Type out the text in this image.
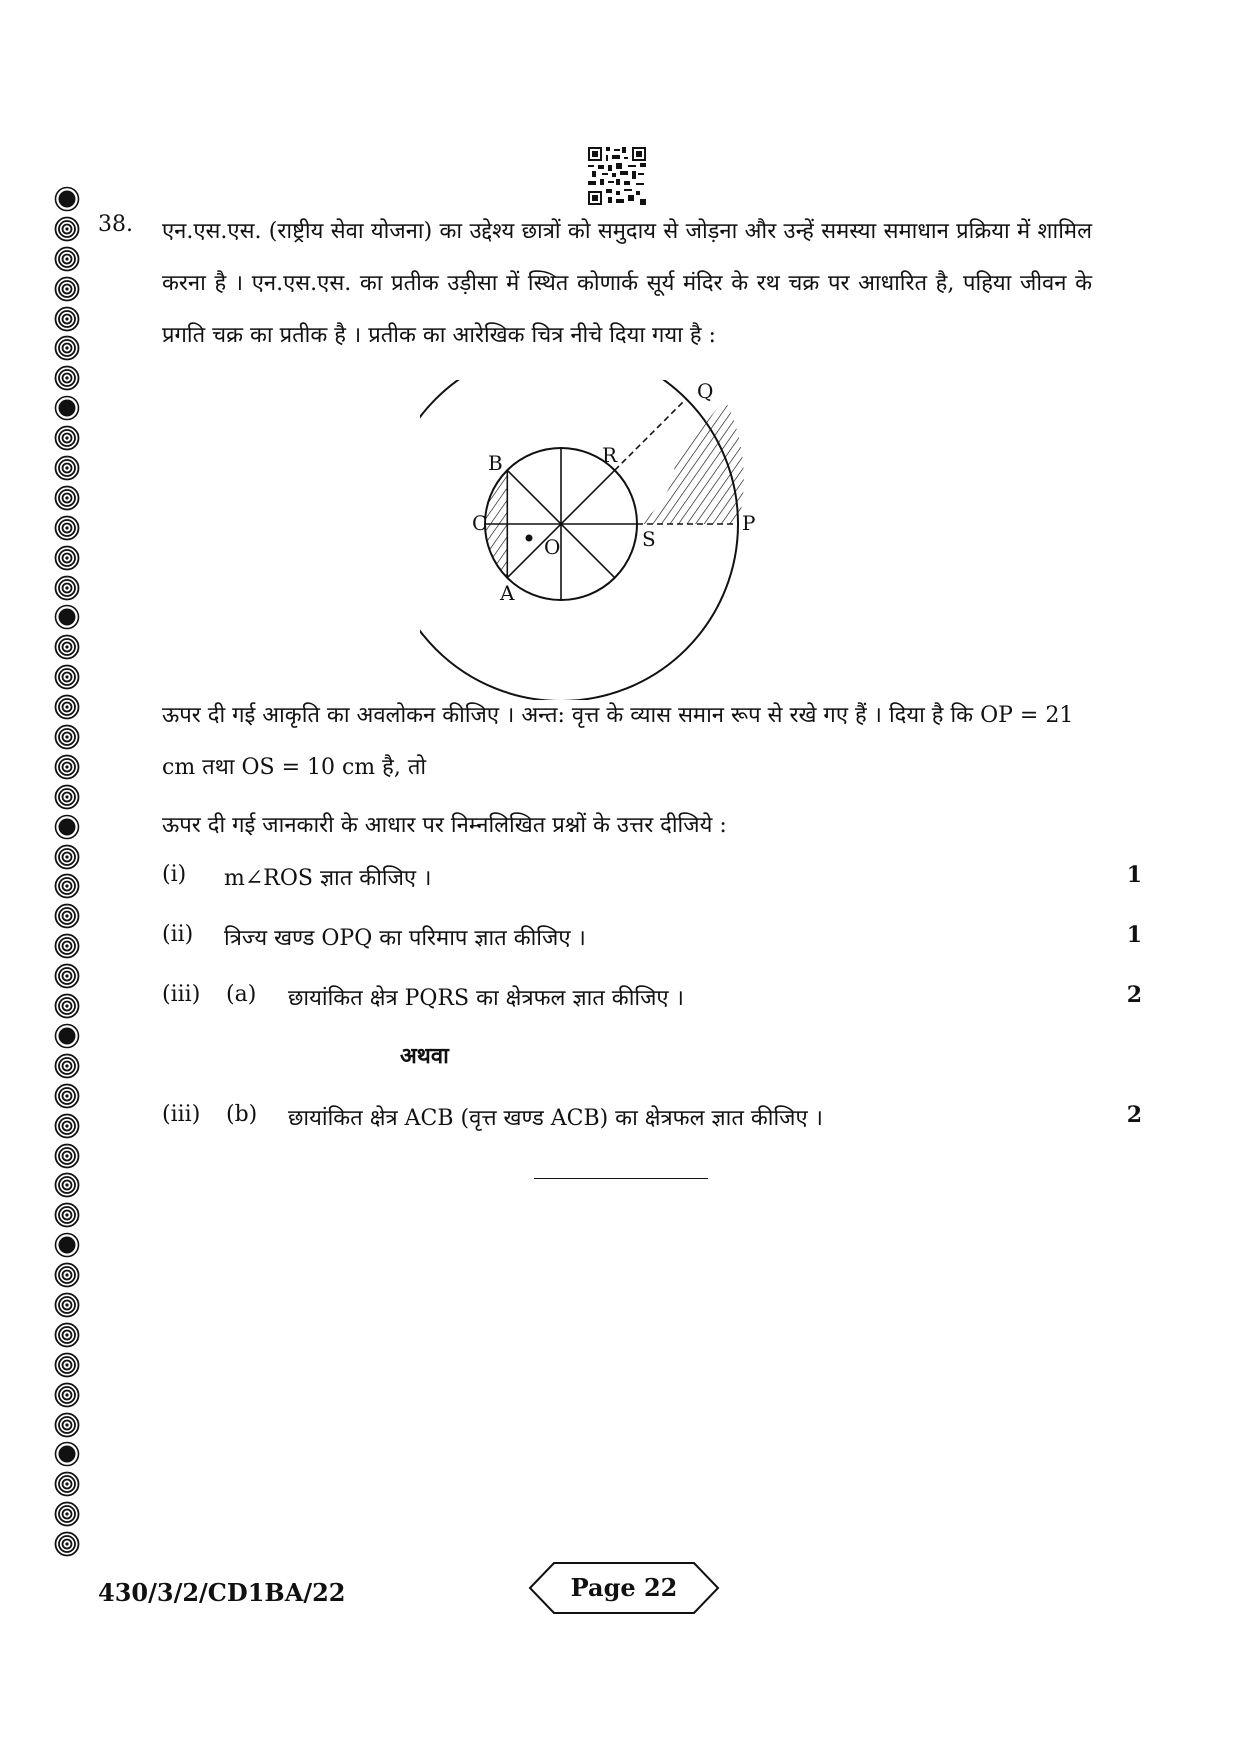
38. एन.एस.एस. (राष्ट्रीय सेवा योजना) का उद्देश्य छात्रों को समुदाय से जोड़ना और उन्हें समस्या समाधान प्रक्रिया में शामिल करना है । एन.एस.एस. का प्रतीक उड़ीसा में स्थित कोणार्क सूर्य मंदिर के रथ चक्र पर आधारित है, पहिया जीवन के प्रगति चक्र का प्रतीक है । प्रतीक का आरेखिक चित्र नीचे दिया गया है :
Q
R
B
C	P
S
O
A
ऊपर दी गई आकृति का अवलोकन कीजिए । अन्त: वृत्त के व्यास समान रूप से रखे गए हैं । दिया है कि OP = 21 cm तथा OS = 10 cm है, तो
ऊपर दी गई जानकारी के आधार पर निम्नलिखित प्रश्नों के उत्तर दीजिये :
(i) m∠ROS ज्ञात कीजिए ।	1
(ii) त्रिज्य खण्ड OPQ का परिमाप ज्ञात कीजिए ।	1
(iii) (a) छायांकित क्षेत्र PQRS का क्षेत्रफल ज्ञात कीजिए ।	2
अथवा
(iii) (b) छायांकित क्षेत्र ACB (वृत्त खण्ड ACB) का क्षेत्रफल ज्ञात कीजिए ।	2
430/3/2/CD1BA/22	Page 22
